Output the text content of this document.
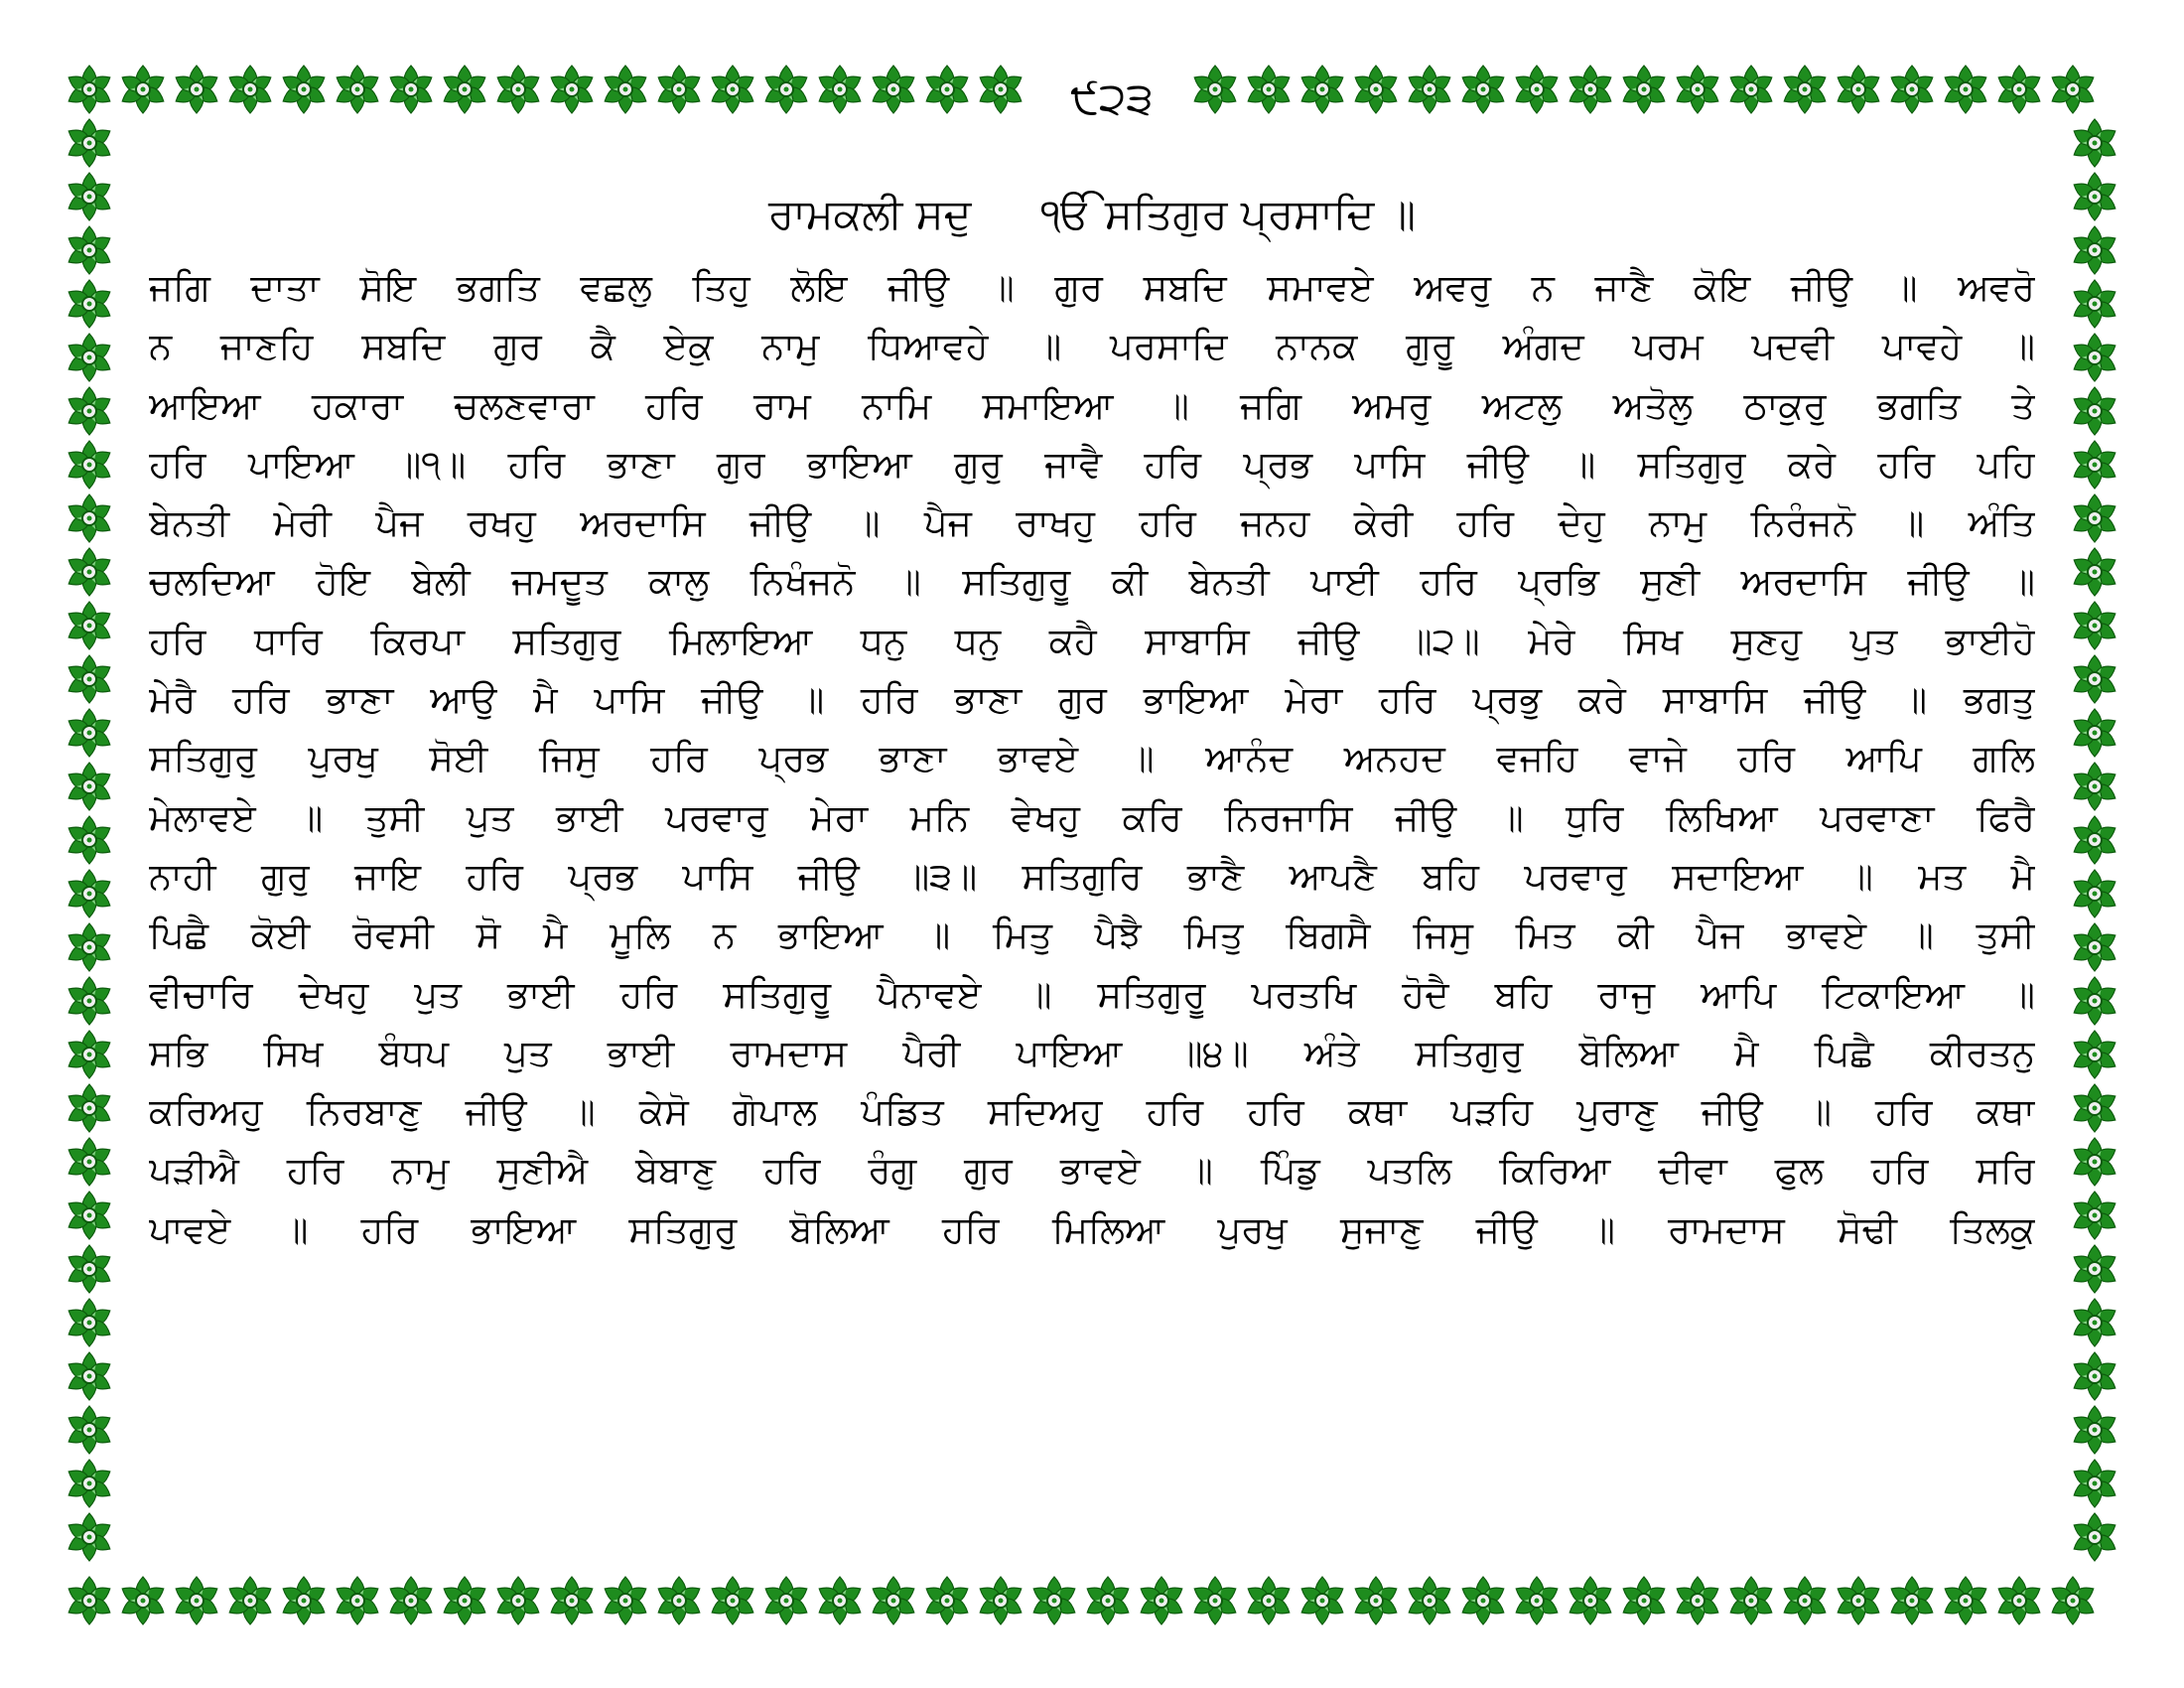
੯੨੩
ਰਾਮਕਲੀ ਸਦੁ ੴ ਸਤਿਗੁਰ ਪ੍ਰਸਾਦਿ ॥
ਜਗਿ ਦਾਤਾ ਸੋਇ ਭਗਤਿ ਵਛਲੁ ਤਿਹੁ ਲੋਇ ਜੀਉ ॥ ਗੁਰ ਸਬਦਿ ਸਮਾਵਏ ਅਵਰੁ ਨ ਜਾਣੈ ਕੋਇ ਜੀਉ ॥ ਅਵਰੋ
ਨ ਜਾਣਹਿ ਸਬਦਿ ਗੁਰ ਕੈ ਏਕੁ ਨਾਮੁ ਧਿਆਵਹੇ ॥ ਪਰਸਾਦਿ ਨਾਨਕ ਗੁਰੂ ਅੰਗਦ ਪਰਮ ਪਦਵੀ ਪਾਵਹੇ ॥
ਆਇਆ ਹਕਾਰਾ ਚਲਣਵਾਰਾ ਹਰਿ ਰਾਮ ਨਾਮਿ ਸਮਾਇਆ ॥ ਜਗਿ ਅਮਰੁ ਅਟਲੁ ਅਤੋਲੁ ਠਾਕੁਰੁ ਭਗਤਿ ਤੇ
ਹਰਿ ਪਾਇਆ ॥੧॥ ਹਰਿ ਭਾਣਾ ਗੁਰ ਭਾਇਆ ਗੁਰੁ ਜਾਵੈ ਹਰਿ ਪ੍ਰਭ ਪਾਸਿ ਜੀਉ ॥ ਸਤਿਗੁਰੁ ਕਰੇ ਹਰਿ ਪਹਿ
ਬੇਨਤੀ ਮੇਰੀ ਪੈਜ ਰਖਹੁ ਅਰਦਾਸਿ ਜੀਉ ॥ ਪੈਜ ਰਾਖਹੁ ਹਰਿ ਜਨਹ ਕੇਰੀ ਹਰਿ ਦੇਹੁ ਨਾਮੁ ਨਿਰੰਜਨੋ ॥ ਅੰਤਿ
ਚਲਦਿਆ ਹੋਇ ਬੇਲੀ ਜਮਦੂਤ ਕਾਲੁ ਨਿਖੰਜਨੋ ॥ ਸਤਿਗੁਰੂ ਕੀ ਬੇਨਤੀ ਪਾਈ ਹਰਿ ਪ੍ਰਭਿ ਸੁਣੀ ਅਰਦਾਸਿ ਜੀਉ ॥
ਹਰਿ ਧਾਰਿ ਕਿਰਪਾ ਸਤਿਗੁਰੁ ਮਿਲਾਇਆ ਧਨੁ ਧਨੁ ਕਹੈ ਸਾਬਾਸਿ ਜੀਉ ॥੨॥ ਮੇਰੇ ਸਿਖ ਸੁਣਹੁ ਪੁਤ ਭਾਈਹੋ
ਮੇਰੈ ਹਰਿ ਭਾਣਾ ਆਉ ਮੈ ਪਾਸਿ ਜੀਉ ॥ ਹਰਿ ਭਾਣਾ ਗੁਰ ਭਾਇਆ ਮੇਰਾ ਹਰਿ ਪ੍ਰਭੁ ਕਰੇ ਸਾਬਾਸਿ ਜੀਉ ॥ ਭਗਤੁ
ਸਤਿਗੁਰੁ ਪੁਰਖੁ ਸੋਈ ਜਿਸੁ ਹਰਿ ਪ੍ਰਭ ਭਾਣਾ ਭਾਵਏ ॥ ਆਨੰਦ ਅਨਹਦ ਵਜਹਿ ਵਾਜੇ ਹਰਿ ਆਪਿ ਗਲਿ
ਮੇਲਾਵਏ ॥ ਤੁਸੀ ਪੁਤ ਭਾਈ ਪਰਵਾਰੁ ਮੇਰਾ ਮਨਿ ਵੇਖਹੁ ਕਰਿ ਨਿਰਜਾਸਿ ਜੀਉ ॥ ਧੁਰਿ ਲਿਖਿਆ ਪਰਵਾਣਾ ਫਿਰੈ
ਨਾਹੀ ਗੁਰੁ ਜਾਇ ਹਰਿ ਪ੍ਰਭ ਪਾਸਿ ਜੀਉ ॥੩॥ ਸਤਿਗੁਰਿ ਭਾਣੈ ਆਪਣੈ ਬਹਿ ਪਰਵਾਰੁ ਸਦਾਇਆ ॥ ਮਤ ਮੈ
ਪਿਛੈ ਕੋਈ ਰੋਵਸੀ ਸੋ ਮੈ ਮੂਲਿ ਨ ਭਾਇਆ ॥ ਮਿਤੁ ਪੈਝੈ ਮਿਤੁ ਬਿਗਸੈ ਜਿਸੁ ਮਿਤ ਕੀ ਪੈਜ ਭਾਵਏ ॥ ਤੁਸੀ
ਵੀਚਾਰਿ ਦੇਖਹੁ ਪੁਤ ਭਾਈ ਹਰਿ ਸਤਿਗੁਰੂ ਪੈਨਾਵਏ ॥ ਸਤਿਗੁਰੂ ਪਰਤਖਿ ਹੋਦੈ ਬਹਿ ਰਾਜੁ ਆਪਿ ਟਿਕਾਇਆ ॥
ਸਭਿ ਸਿਖ ਬੰਧਪ ਪੁਤ ਭਾਈ ਰਾਮਦਾਸ ਪੈਰੀ ਪਾਇਆ ॥੪॥ ਅੰਤੇ ਸਤਿਗੁਰੁ ਬੋਲਿਆ ਮੈ ਪਿਛੈ ਕੀਰਤਨੁ
ਕਰਿਅਹੁ ਨਿਰਬਾਣੁ ਜੀਉ ॥ ਕੇਸੋ ਗੋਪਾਲ ਪੰਡਿਤ ਸਦਿਅਹੁ ਹਰਿ ਹਰਿ ਕਥਾ ਪੜਹਿ ਪੁਰਾਣੁ ਜੀਉ ॥ ਹਰਿ ਕਥਾ
ਪੜੀਐ ਹਰਿ ਨਾਮੁ ਸੁਣੀਐ ਬੇਬਾਣੁ ਹਰਿ ਰੰਗੁ ਗੁਰ ਭਾਵਏ ॥ ਪਿੰਡੁ ਪਤਲਿ ਕਿਰਿਆ ਦੀਵਾ ਫੁਲ ਹਰਿ ਸਰਿ
ਪਾਵਏ ॥ ਹਰਿ ਭਾਇਆ ਸਤਿਗੁਰੁ ਬੋਲਿਆ ਹਰਿ ਮਿਲਿਆ ਪੁਰਖੁ ਸੁਜਾਣੁ ਜੀਉ ॥ ਰਾਮਦਾਸ ਸੋਢੀ ਤਿਲਕੁ
